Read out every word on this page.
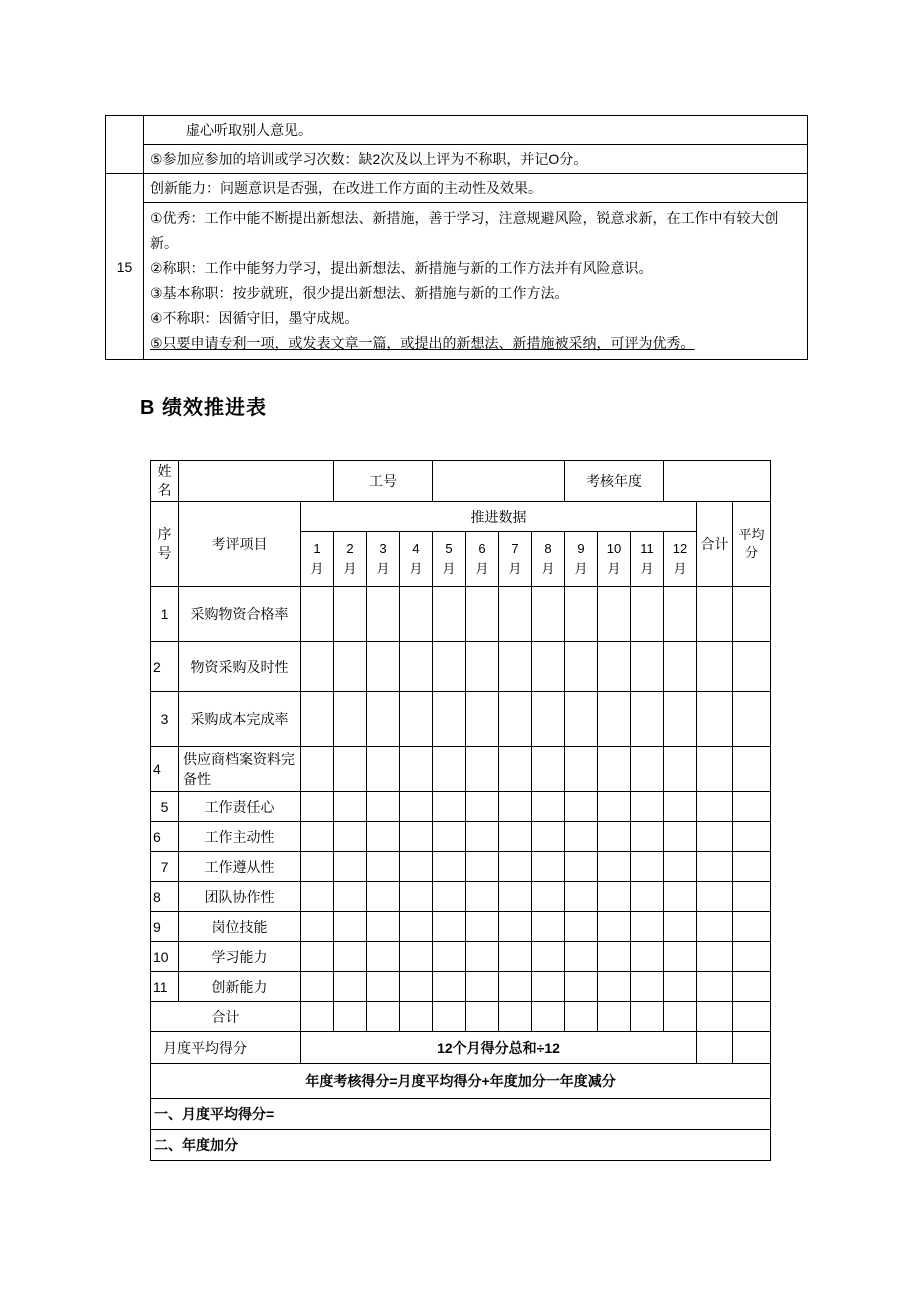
	虚心听取别人意见。
	⑤参加应参加的培训或学习次数：缺2次及以上评为不称职，并记O分。
15	创新能力：问题意识是否强，在改进工作方面的主动性及效果。

	①优秀：工作中能不断提出新想法、新措施，善于学习，注意规避风险，锐意求新，在工作中有较大创新。
②称职：工作中能努力学习，提出新想法、新措施与新的工作方法并有风险意识。
③基本称职：按步就班，很少提出新想法、新措施与新的工作方法。
④不称职：因循守旧，墨守成规。
⑤只要申请专利一项，或发表文章一篇，或提出的新想法、新措施被采纳，可评为优秀。
B 绩效推进表
姓名			工号							考核年度					

序号	考评项目	推进数据												合计	平均分

		1月	2月	3月	4月	5月	6月	7月	8月	9月	10月	11月	12月		

1	采购物资合格率														
2	物资采购及时性														
3	采购成本完成率														
4	供应商档案资料完备性														
5	工作责任心														
6	工作主动性														
7	工作遵从性														
8	团队协作性														
9	岗位技能														
10	学习能力														
11	创新能力														
合计															
月度平均得分		12个月得分总和÷12													
年度考核得分=月度平均得分+年度加分一年度减分															
一、月度平均得分=															
二、年度加分															
